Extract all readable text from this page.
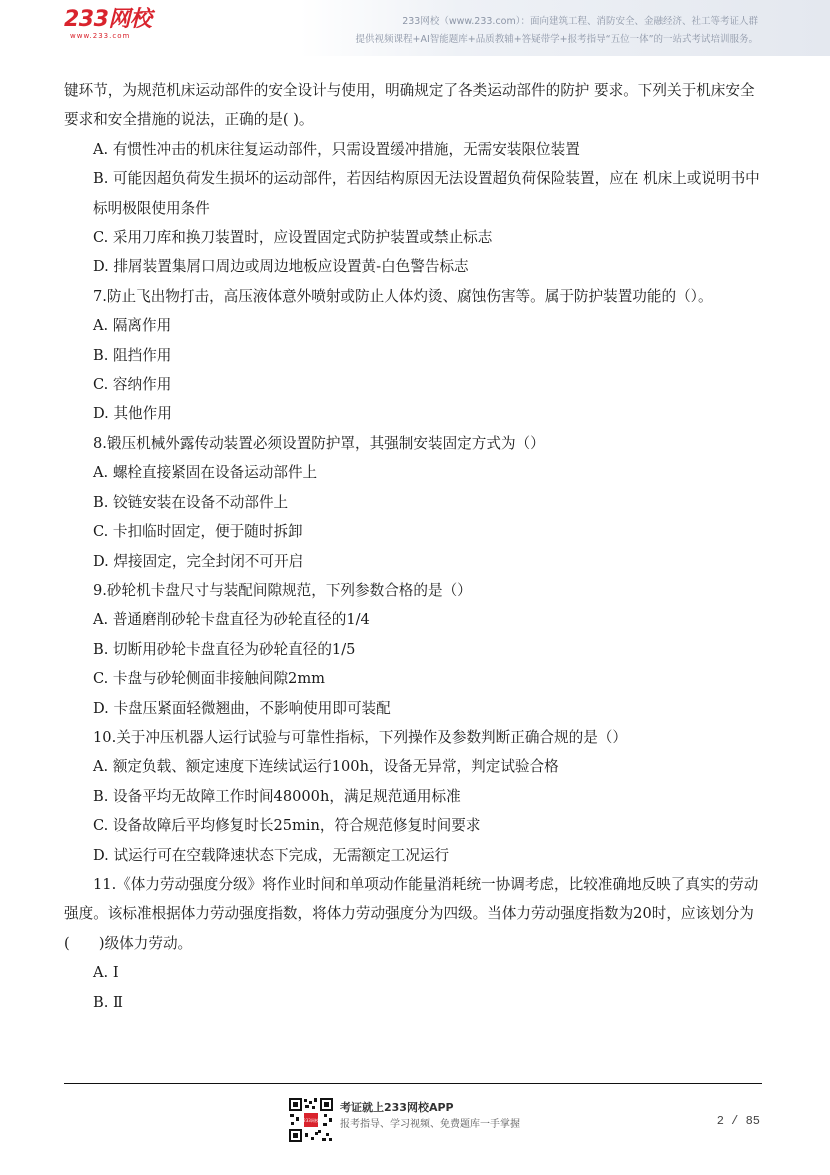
233网校
www.233.com
233网校（www.233.com）：面向建筑工程、消防安全、金融经济、社工等考证人群
提供视频课程+AI智能题库+品质教辅+答疑带学+报考指导“五位一体”的一站式考试培训服务。

键环节，为规范机床运动部件的安全设计与使用，明确规定了各类运动部件的防护 要求。下列关于机床安全要求和安全措施的说法，正确的是( )。

A. 有惯性冲击的机床往复运动部件，只需设置缓冲措施，无需安装限位装置

B. 可能因超负荷发生损坏的运动部件，若因结构原因无法设置超负荷保险装置，应在 机床上或说明书中标明极限使用条件

C. 采用刀库和换刀装置时，应设置固定式防护装置或禁止标志

D. 排屑装置集屑口周边或周边地板应设置黄-白色警告标志

7.防止飞出物打击，高压液体意外喷射或防止人体灼烫、腐蚀伤害等。属于防护装置功能的（）。

A. 隔离作用

B. 阻挡作用

C. 容纳作用

D. 其他作用

8.锻压机械外露传动装置必须设置防护罩，其强制安装固定方式为（）

A. 螺栓直接紧固在设备运动部件上

B. 铰链安装在设备不动部件上

C. 卡扣临时固定，便于随时拆卸

D. 焊接固定，完全封闭不可开启

9.砂轮机卡盘尺寸与装配间隙规范，下列参数合格的是（）

A. 普通磨削砂轮卡盘直径为砂轮直径的1/4

B. 切断用砂轮卡盘直径为砂轮直径的1/5

C. 卡盘与砂轮侧面非接触间隙2mm

D. 卡盘压紧面轻微翘曲，不影响使用即可装配

10.关于冲压机器人运行试验与可靠性指标，下列操作及参数判断正确合规的是（）

A. 额定负载、额定速度下连续试运行100h，设备无异常，判定试验合格

B. 设备平均无故障工作时间48000h，满足规范通用标准

C. 设备故障后平均修复时长25min，符合规范修复时间要求

D. 试运行可在空载降速状态下完成，无需额定工况运行

11.《体力劳动强度分级》将作业时间和单项动作能量消耗统一协调考虑，比较准确地反映了真实的劳动强度。该标准根据体力劳动强度指数，将体力劳动强度分为四级。当体力劳动强度指数为20时，应该划分为(　　)级体力劳动。

A. Ⅰ

B. Ⅱ

233网校
考证就上233网校APP
报考指导、学习视频、免费题库一手掌握	2 / 85
